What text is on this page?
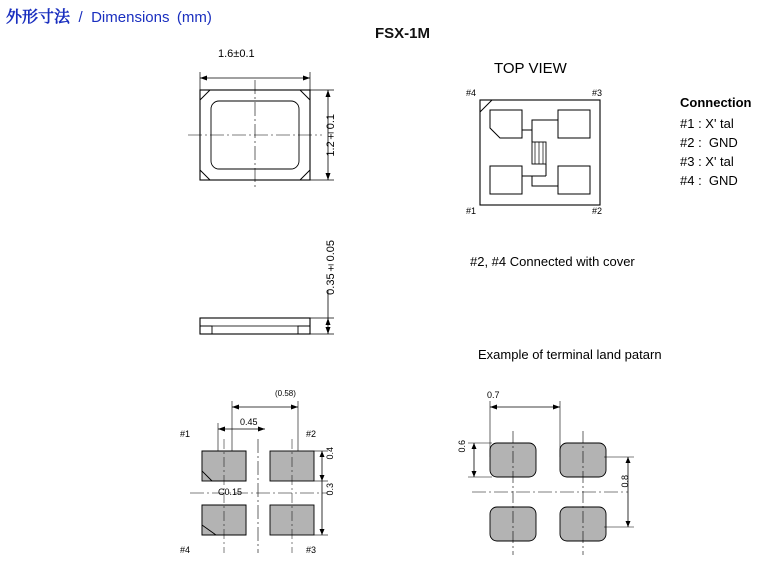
外形寸法 / Dimensions (mm)
FSX-1M
1.6±0.1
1.2±0.1
0.35±0.05
TOP VIEW
#4	#3
#1	#2
Connection
#1 : X' tal
#2 :  GND
#3 : X' tal
#4 :  GND
#2, #4 Connected with cover
Example of terminal land patarn
(0.58)
0.45
0.4
0.3
C0.15
#1	#2
#4	#3
0.7
0.6
0.8
